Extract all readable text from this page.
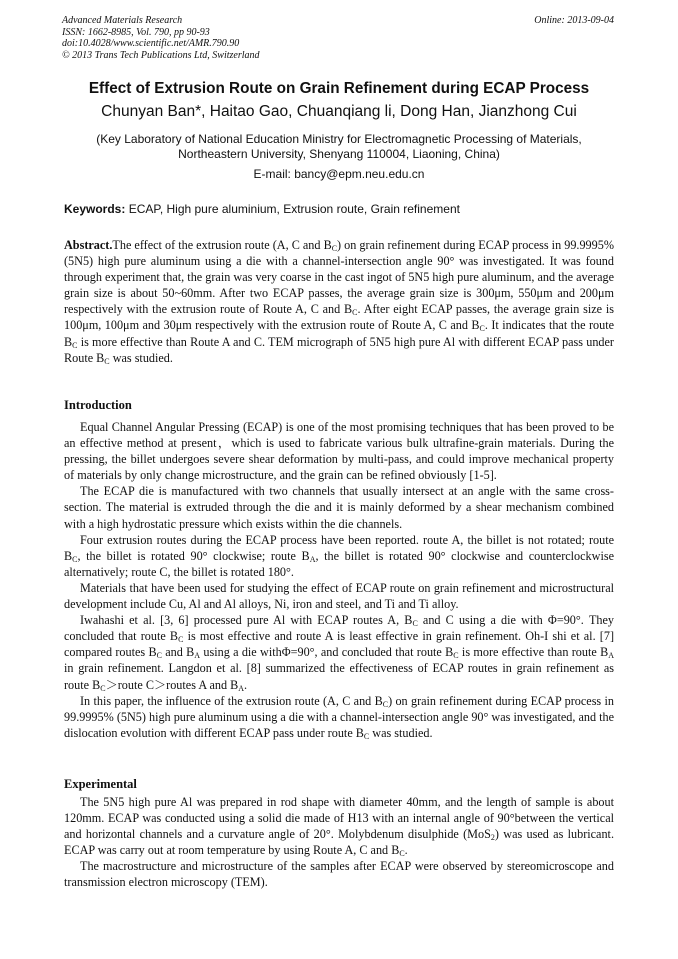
Advanced Materials Research
ISSN: 1662-8985, Vol. 790, pp 90-93
doi:10.4028/www.scientific.net/AMR.790.90
© 2013 Trans Tech Publications Ltd, Switzerland
Online: 2013-09-04
Effect of Extrusion Route on Grain Refinement during ECAP Process
Chunyan Ban*, Haitao Gao, Chuanqiang li, Dong Han, Jianzhong Cui
(Key Laboratory of National Education Ministry for Electromagnetic Processing of Materials,
Northeastern University, Shenyang 110004, Liaoning, China)
E-mail: bancy@epm.neu.edu.cn
Keywords: ECAP, High pure aluminium, Extrusion route, Grain refinement

Abstract.The effect of the extrusion route (A, C and $B_C$) on grain refinement during ECAP process in 99.9995% (5N5) high pure aluminum using a die with a channel-intersection angle 90° was investigated. It was found through experiment that, the grain was very coarse in the cast ingot of 5N5 high pure aluminum, and the average grain size is about 50~60mm. After two ECAP passes, the average grain size is 300μm, 550μm and 200μm respectively with the extrusion route of Route A, C and $B_C$. After eight ECAP passes, the average grain size is 100μm, 100μm and 30μm respectively with the extrusion route of Route A, C and $B_C$. It indicates that the route $B_C$ is more effective than Route A and C. TEM micrograph of 5N5 high pure Al with different ECAP pass under Route $B_C$ was studied.

Introduction

Equal Channel Angular Pressing (ECAP) is one of the most promising techniques that has been proved to be an effective method at present，which is used to fabricate various bulk ultrafine-grain materials. During the pressing, the billet undergoes severe shear deformation by multi-pass, and could improve mechanical property of materials by only change microstructure, and the grain can be refined obviously [1-5].

The ECAP die is manufactured with two channels that usually intersect at an angle with the same cross-section. The material is extruded through the die and it is mainly deformed by a shear mechanism combined with a high hydrostatic pressure which exists within the die channels.

Four extrusion routes during the ECAP process have been reported. route A, the billet is not rotated; route $B_C$, the billet is rotated 90° clockwise; route $B_A$, the billet is rotated 90° clockwise and counterclockwise alternatively; route C, the billet is rotated 180°.

Materials that have been used for studying the effect of ECAP route on grain refinement and microstructural development include Cu, Al and Al alloys, Ni, iron and steel, and Ti and Ti alloy.

Iwahashi et al. [3, 6] processed pure Al with ECAP routes A, $B_C$ and C using a die with Φ=90°. They concluded that route $B_C$ is most effective and route A is least effective in grain refinement. Oh-I shi et al. [7] compared routes $B_C$ and $B_A$ using a die withΦ=90°, and concluded that route $B_C$ is more effective than route $B_A$ in grain refinement. Langdon et al. [8] summarized the effectiveness of ECAP routes in grain refinement as route $B_C>route$ C＞routes A and $B_A$.

In this paper, the influence of the extrusion route (A, C and $B_C$) on grain refinement during ECAP process in 99.9995% (5N5) high pure aluminum using a die with a channel-intersection angle 90° was investigated, and the dislocation evolution with different ECAP pass under route $B_C$ was studied.

Experimental

The 5N5 high pure Al was prepared in rod shape with diameter 40mm, and the length of sample is about 120mm. ECAP was conducted using a solid die made of H13 with an internal angle of 90°between the vertical and horizontal channels and a curvature angle of 20°. Molybdenum disulphide (MoS$_2$) was used as lubricant. ECAP was carry out at room temperature by using Route A, C and $B_C$.

The macrostructure and microstructure of the samples after ECAP were observed by stereomicroscope and transmission electron microscopy (TEM).
